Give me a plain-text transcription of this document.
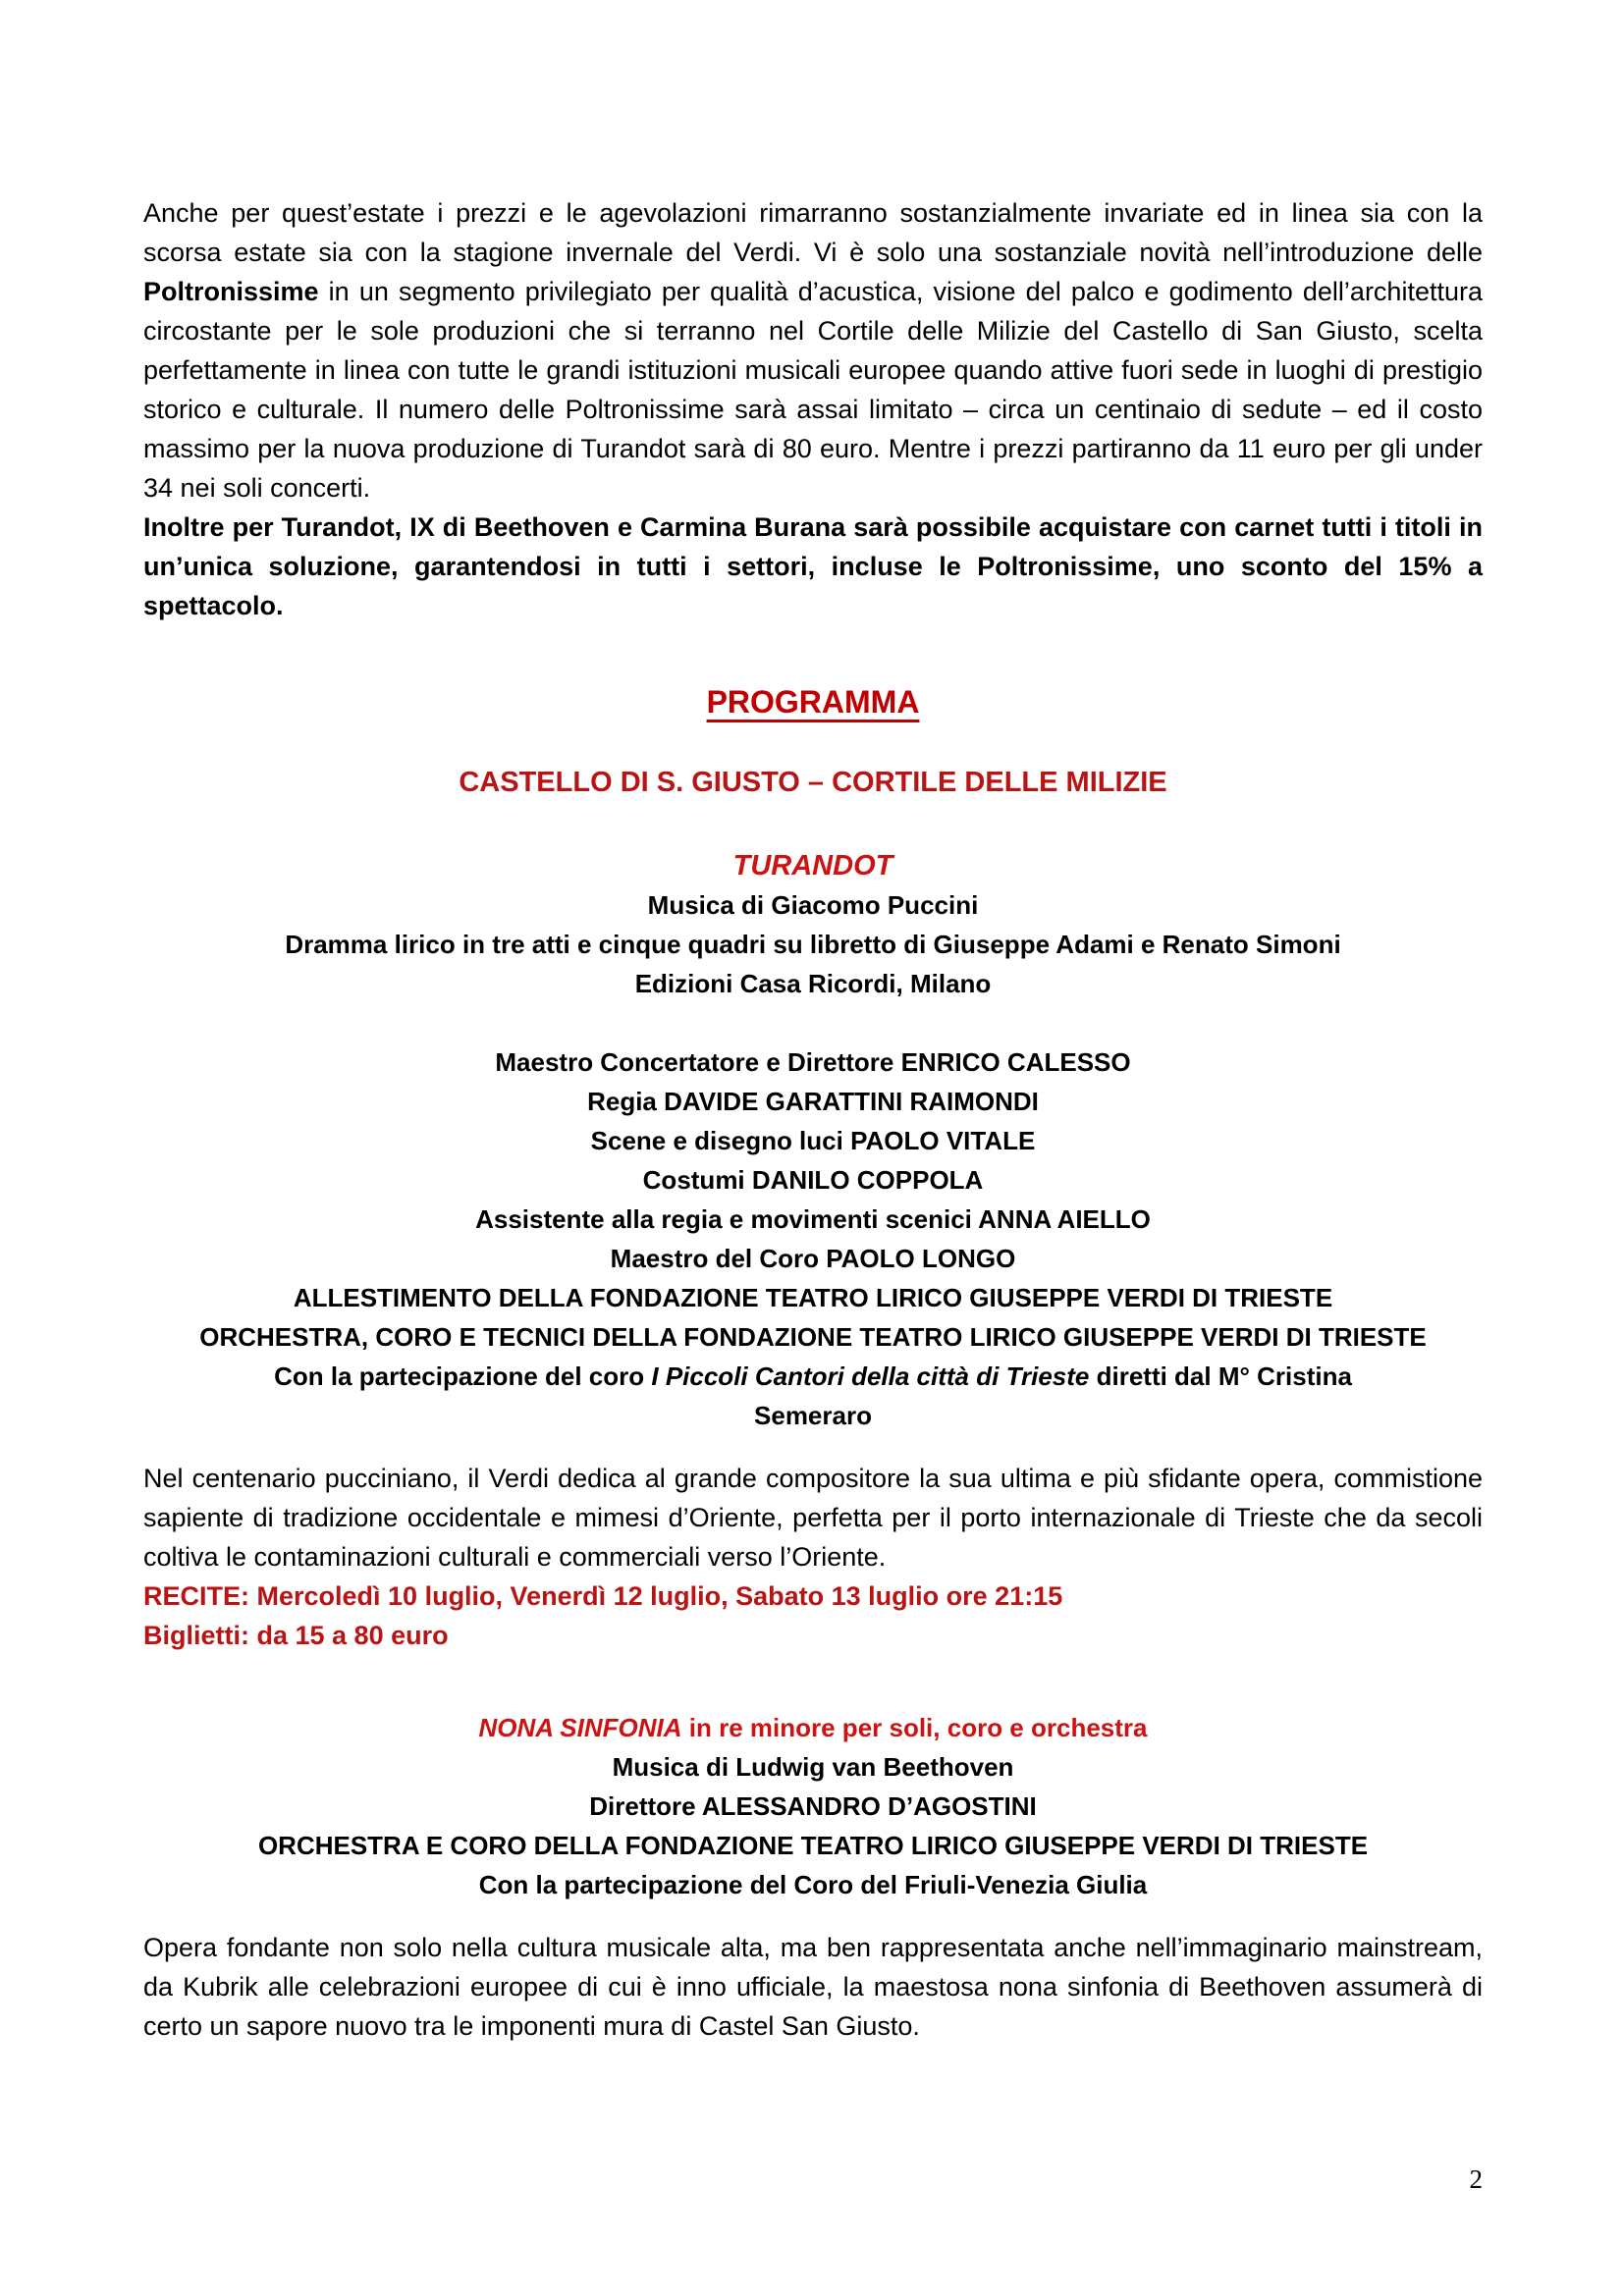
Anche per quest’estate i prezzi e le agevolazioni rimarranno sostanzialmente invariate ed in linea sia con la scorsa estate sia con la stagione invernale del Verdi. Vi è solo una sostanziale novità nell’introduzione delle Poltronissime in un segmento privilegiato per qualità d’acustica, visione del palco e godimento dell’architettura circostante per le sole produzioni che si terranno nel Cortile delle Milizie del Castello di San Giusto, scelta perfettamente in linea con tutte le grandi istituzioni musicali europee quando attive fuori sede in luoghi di prestigio storico e culturale. Il numero delle Poltronissime sarà assai limitato – circa un centinaio di sedute – ed il costo massimo per la nuova produzione di Turandot sarà di 80 euro. Mentre i prezzi partiranno da 11 euro per gli under 34 nei soli concerti.

Inoltre per Turandot, IX di Beethoven e Carmina Burana sarà possibile acquistare con carnet tutti i titoli in un’unica soluzione, garantendosi in tutti i settori, incluse le Poltronissime, uno sconto del 15% a spettacolo.

PROGRAMMA
CASTELLO DI S. GIUSTO – CORTILE DELLE MILIZIE
TURANDOT
Musica di Giacomo Puccini
Dramma lirico in tre atti e cinque quadri su libretto di Giuseppe Adami e Renato Simoni
Edizioni Casa Ricordi, Milano
Maestro Concertatore e Direttore ENRICO CALESSO
Regia DAVIDE GARATTINI RAIMONDI
Scene e disegno luci PAOLO VITALE
Costumi DANILO COPPOLA
Assistente alla regia e movimenti scenici ANNA AIELLO
Maestro del Coro PAOLO LONGO
ALLESTIMENTO DELLA FONDAZIONE TEATRO LIRICO GIUSEPPE VERDI DI TRIESTE
ORCHESTRA, CORO E TECNICI DELLA FONDAZIONE TEATRO LIRICO GIUSEPPE VERDI DI TRIESTE
Con la partecipazione del coro I Piccoli Cantori della città di Trieste diretti dal M° Cristina
Semeraro

Nel centenario pucciniano, il Verdi dedica al grande compositore la sua ultima e più sfidante opera, commistione sapiente di tradizione occidentale e mimesi d’Oriente, perfetta per il porto internazionale di Trieste che da secoli coltiva le contaminazioni culturali e commerciali verso l’Oriente.

RECITE: Mercoledì 10 luglio, Venerdì 12 luglio, Sabato 13 luglio ore 21:15

Biglietti: da 15 a 80 euro

NONA SINFONIA in re minore per soli, coro e orchestra
Musica di Ludwig van Beethoven
Direttore ALESSANDRO D’AGOSTINI
ORCHESTRA E CORO DELLA FONDAZIONE TEATRO LIRICO GIUSEPPE VERDI DI TRIESTE
Con la partecipazione del Coro del Friuli-Venezia Giulia

Opera fondante non solo nella cultura musicale alta, ma ben rappresentata anche nell’immaginario mainstream, da Kubrik alle celebrazioni europee di cui è inno ufficiale, la maestosa nona sinfonia di Beethoven assumerà di certo un sapore nuovo tra le imponenti mura di Castel San Giusto.

2
